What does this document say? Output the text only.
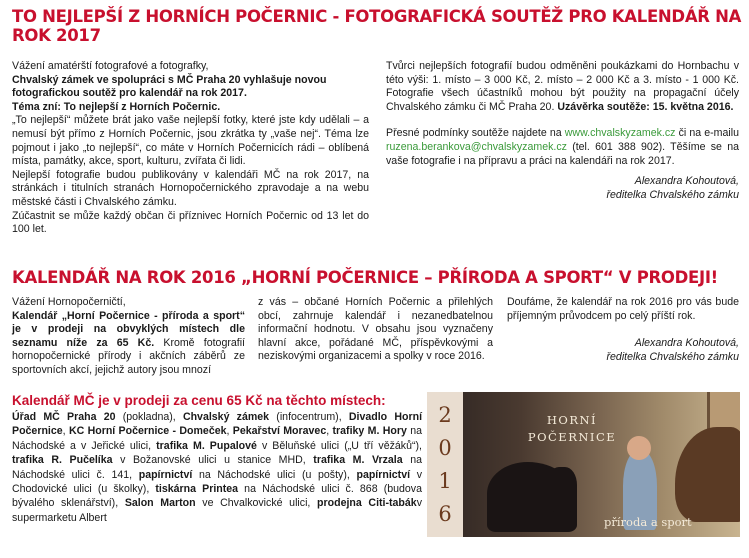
TO NEJLEPŠÍ Z HORNÍCH POČERNIC - FOTOGRAFICKÁ SOUTĚŽ PRO KALENDÁŘ NA ROK 2017

Vážení amatérští fotografové a fotografky,

Chvalský zámek ve spolupráci s MČ Praha 20 vyhlašuje novou fotografickou soutěž pro kalendář na rok 2017.

Téma zní: To nejlepší z Horních Počernic.

„To nejlepší“ můžete brát jako vaše nejlepší fotky, které jste kdy udělali – a nemusí být přímo z Horních Počernic, jsou zkrátka ty „vaše nej“. Téma lze pojmout i jako „to nejlepší“, co máte v Horních Počernicích rádi – oblíbená místa, památky, akce, sport, kulturu, zvířata či lidi.

Nejlepší fotografie budou publikovány v kalendáři MČ na rok 2017, na stránkách i titulních stranách Hornopočernického zpravodaje a na webu městské části i Chvalského zámku.

Zúčastnit se může každý občan či příznivec Horních Počernic od 13 let do 100 let.

Tvůrci nejlepších fotografií budou odměněni poukázkami do Hornbachu v této výši: 1. místo – 3 000 Kč, 2. místo – 2 000 Kč a 3. místo - 1 000 Kč. Fotografie všech účastníků mohou být použity na propagační účely Chvalského zámku či MČ Praha 20. Uzávěrka soutěže: 15. května 2016.

Přesné podmínky soutěže najdete na www.chvalskyzamek.cz či na e-mailu ruzena.berankova@chvalskyzamek.cz (tel. 601 388 902). Těšíme se na vaše fotografie i na přípravu a práci na kalendáři na rok 2017.

Alexandra Kohoutová,

ředitelka Chvalského zámku

KALENDÁŘ NA ROK 2016 „HORNÍ POČERNICE – PŘÍRODA A SPORT“ V PRODEJI!

Vážení Hornopočerničtí,

Kalendář „Horní Počernice - příroda a sport“ je v prodeji na obvyklých místech dle seznamu níže za 65 Kč. Kromě fotografií hornopočernické přírody i akčních záběrů ze sportovních akcí, jejichž autory jsou mnozí

z vás – občané Horních Počernic a přilehlých obcí, zahrnuje kalendář i nezanedbatelnou informační hodnotu. V obsahu jsou vyznačeny hlavní akce, pořádané MČ, příspěvkovými a neziskovými organizacemi a spolky v roce 2016.

Doufáme, že kalendář na rok 2016 pro vás bude příjemným průvodcem po celý příští rok.

Alexandra Kohoutová,

ředitelka Chvalského zámku

Kalendář MČ je v prodeji za cenu 65 Kč na těchto místech:
Úřad MČ Praha 20 (pokladna), Chvalský zámek (infocentrum), Divadlo Horní Počernice, KC Horní Počernice - Domeček, Pekařství Moravec, trafiky M. Hory na Náchodské a v Jeřické ulici, trafika M. Pupalové v Běluňské ulici („U tří věžáků“), trafika R. Pučelíka v Božanovské ulici u stanice MHD, trafika M. Vrzala na Náchodské ulici č. 141, papírnictví na Náchodské ulici (u pošty), papírnictví v Chodovické ulici (u školky), tiskárna Printea na Náchodské ulici č. 868 (budova bývalého sklenářství), Salon Marton ve Chvalkovické ulici, prodejna Citi-tabákv supermarketu Albert
2
0
1
6
HORNÍ
POČERNICE
příroda a sport
